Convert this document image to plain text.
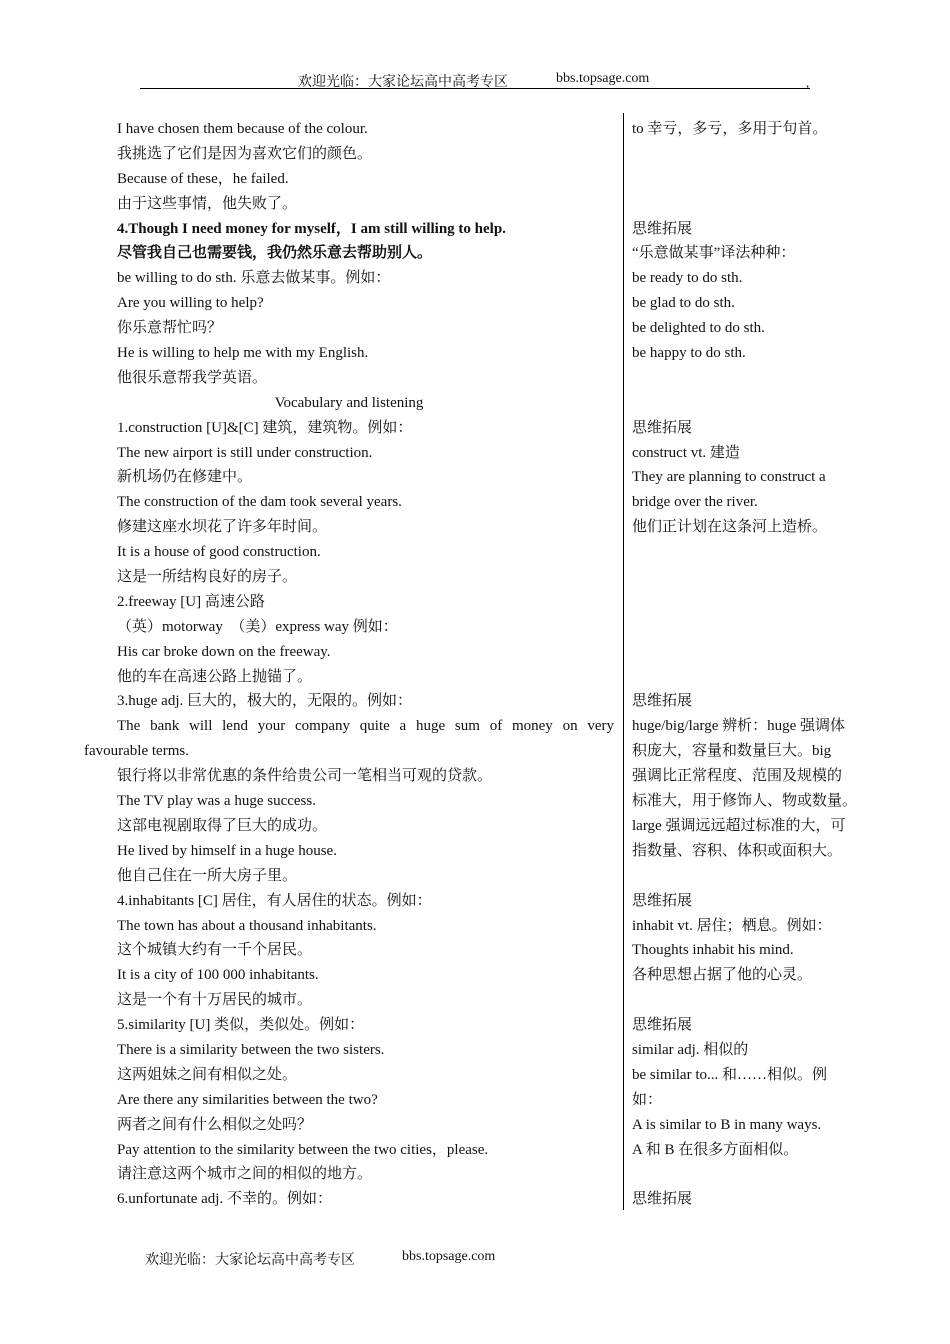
欢迎光临：大家论坛高中高考专区	bbs.topsage.com	,
I have chosen them because of the colour.
我挑选了它们是因为喜欢它们的颜色。
Because of these，he failed.
由于这些事情，他失败了。
4.Though I need money for myself，I am still willing to help.
尽管我自己也需要钱，我仍然乐意去帮助别人。
be willing to do sth. 乐意去做某事。例如：
Are you willing to help?
你乐意帮忙吗？
He is willing to help me with my English.
他很乐意帮我学英语。
Vocabulary and listening
1.construction [U]&[C] 建筑，建筑物。例如：
The new airport is still under construction.
新机场仍在修建中。
The construction of the dam took several years.
修建这座水坝花了许多年时间。
It is a house of good construction.
这是一所结构良好的房子。
2.freeway [U] 高速公路
（英）motorway　（美）express way 例如：
His car broke down on the freeway.
他的车在高速公路上抛锚了。
3.huge adj. 巨大的，极大的，无限的。例如：
The bank will lend your company quite a huge sum of money on very
favourable terms.
银行将以非常优惠的条件给贵公司一笔相当可观的贷款。
The TV play was a huge success.
这部电视剧取得了巨大的成功。
He lived by himself in a huge house.
他自己住在一所大房子里。
4.inhabitants [C] 居住，有人居住的状态。例如：
The town has about a thousand inhabitants.
这个城镇大约有一千个居民。
It is a city of 100 000 inhabitants.
这是一个有十万居民的城市。
5.similarity [U] 类似，类似处。例如：
There is a similarity between the two sisters.
这两姐妹之间有相似之处。
Are there any similarities between the two?
两者之间有什么相似之处吗？
Pay attention to the similarity between the two cities，please.
请注意这两个城市之间的相似的地方。
6.unfortunate adj. 不幸的。例如：
to 幸亏，多亏，多用于句首。
思维拓展
“乐意做某事”译法种种：
be ready to do sth.
be glad to do sth.
be delighted to do sth.
be happy to do sth.
思维拓展
construct vt. 建造
They are planning to construct a
bridge over the river.
他们正计划在这条河上造桥。
思维拓展
huge/big/large 辨析：huge 强调体
积庞大，容量和数量巨大。big
强调比正常程度、范围及规模的
标准大，用于修饰人、物或数量。
large 强调远远超过标准的大，可
指数量、容积、体积或面积大。
思维拓展
inhabit vt. 居住；栖息。例如：
Thoughts inhabit his mind.
各种思想占据了他的心灵。
思维拓展
similar adj. 相似的
be similar to... 和……相似。例
如：
A is similar to B in many ways.
A 和 B 在很多方面相似。
思维拓展
欢迎光临：大家论坛高中高考专区	bbs.topsage.com
